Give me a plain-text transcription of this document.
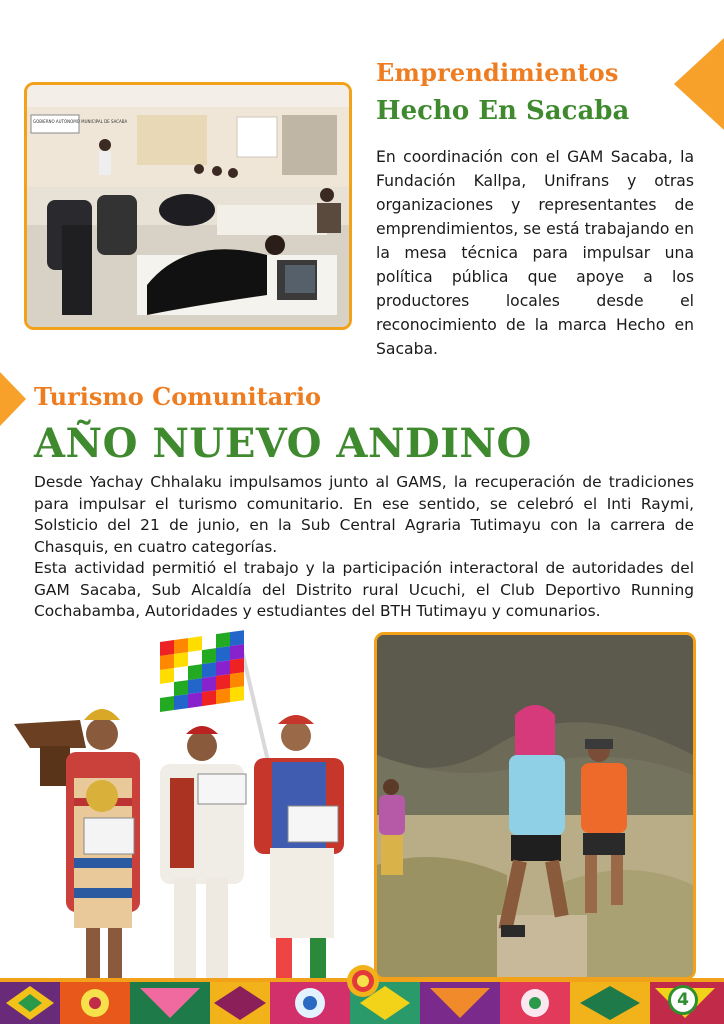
GOBIERNO AUTÓNOMO MUNICIPAL DE SACABA
Emprendimientos
Hecho En Sacaba
En coordinación con el GAM Sacaba, la Fundación Kallpa, Unifrans y otras organizaciones y representantes de emprendimientos, se está trabajando en la mesa técnica para impulsar una política pública que apoye a los productores locales desde el reconocimiento de la marca Hecho en Sacaba.
Turismo Comunitario
AÑO NUEVO ANDINO

Desde Yachay Chhalaku impulsamos junto al GAMS, la recuperación de tradiciones para impulsar el turismo comunitario. En ese sentido, se celebró el Inti Raymi, Solsticio del 21 de junio, en la Sub Central Agraria Tutimayu con la carrera de Chasquis, en cuatro categorías.

Esta actividad permitió el trabajo y la participación interactoral de autoridades del GAM Sacaba, Sub Alcaldía del Distrito rural Ucuchi, el Club Deportivo Running Cochabamba, Autoridades y estudiantes del BTH Tutimayu y comunarios.

4
